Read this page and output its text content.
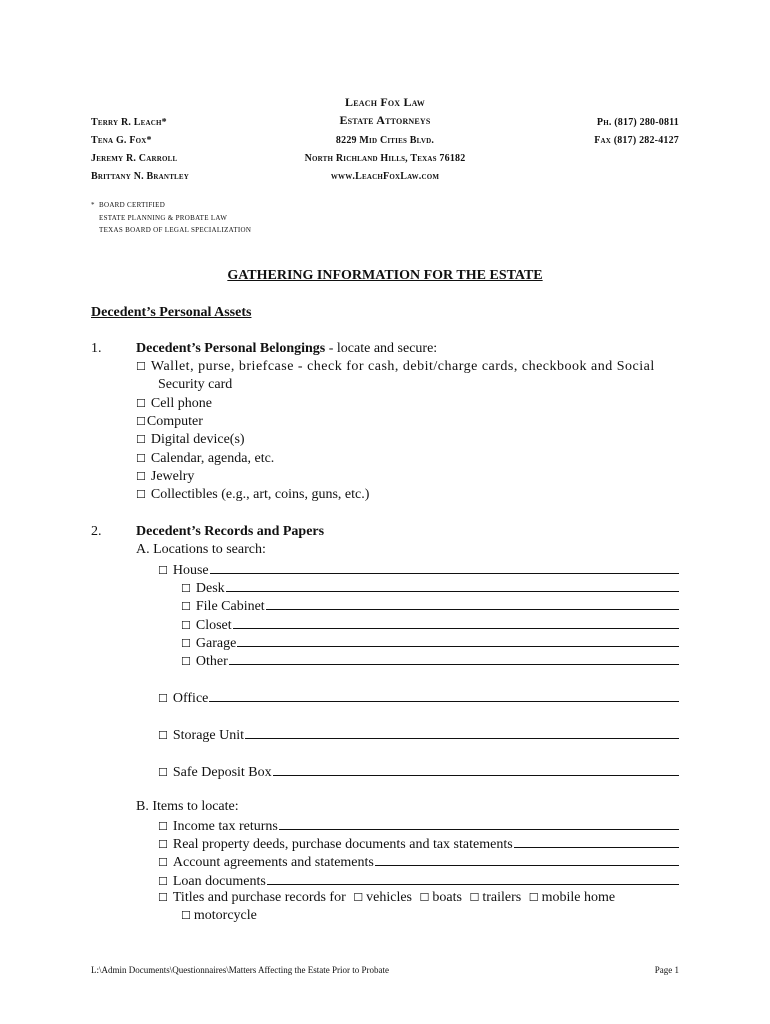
Leach Fox Law
Estate Attorneys
8229 Mid Cities Blvd.
North Richland Hills, Texas 76182
www.LeachFoxLaw.com
Terry R. Leach*
Tena G. Fox*
Jeremy R. Carroll
Brittany N. Brantley
Ph. (817) 280-0811
Fax (817) 282-4127
* BOARD CERTIFIED
ESTATE PLANNING & PROBATE LAW
TEXAS BOARD OF LEGAL SPECIALIZATION
GATHERING INFORMATION FOR THE ESTATE
Decedent’s Personal Assets
1. Decedent’s Personal Belongings - locate and secure:
☐ Wallet, purse, briefcase - check for cash, debit/charge cards, checkbook and Social
Security card
☐ Cell phone
☐Computer
☐ Digital device(s)
☐ Calendar, agenda, etc.
☐ Jewelry
☐ Collectibles (e.g., art, coins, guns, etc.)
2. Decedent’s Records and Papers
A. Locations to search:
☐ House
☐ Desk
☐ File Cabinet
☐ Closet
☐ Garage
☐ Other
☐ Office
☐ Storage Unit
☐ Safe Deposit Box
B. Items to locate:
☐ Income tax returns
☐ Real property deeds, purchase documents and tax statements
☐ Account agreements and statements
☐ Loan documents
☐ Titles and purchase records for ☐ vehicles ☐ boats ☐ trailers ☐ mobile home
☐ motorcycle
L:\Admin Documents\Questionnaires\Matters Affecting the Estate Prior to Probate	Page 1
